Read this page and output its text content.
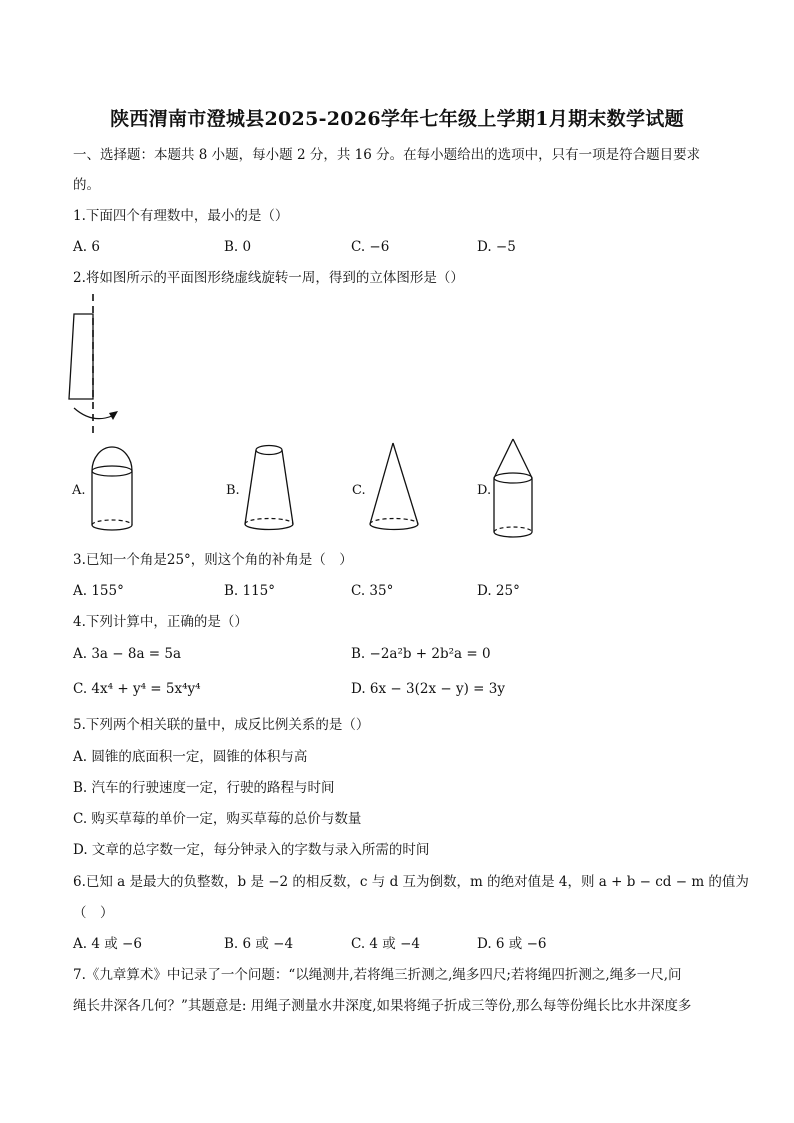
陕西渭南市澄城县2025-2026学年七年级上学期1月期末数学试题
一、选择题：本题共 8 小题，每小题 2 分，共 16 分。在每小题给出的选项中，只有一项是符合题目要求
的。
1.下面四个有理数中，最小的是（）
A. 6	B. 0	C. −6	D. −5
2.将如图所示的平面图形绕虚线旋转一周，得到的立体图形是（）
A.	B.	C.	D.
3.已知一个角是25°，则这个角的补角是（　）
A. 155°	B. 115°	C. 35°	D. 25°
4.下列计算中，正确的是（）
A. 3a − 8a = 5a	B. −2a²b + 2b²a = 0
C. 4x⁴ + y⁴ = 5x⁴y⁴	D. 6x − 3(2x − y) = 3y
5.下列两个相关联的量中，成反比例关系的是（）
A. 圆锥的底面积一定，圆锥的体积与高
B. 汽车的行驶速度一定，行驶的路程与时间
C. 购买草莓的单价一定，购买草莓的总价与数量
D. 文章的总字数一定，每分钟录入的字数与录入所需的时间
6.已知 a 是最大的负整数，b 是 −2 的相反数，c 与 d 互为倒数，m 的绝对值是 4，则 a + b − cd − m 的值为
（　）
A. 4 或 −6	B. 6 或 −4	C. 4 或 −4	D. 6 或 −6
7.《九章算术》中记录了一个问题：“以绳测井,若将绳三折测之,绳多四尺;若将绳四折测之,绳多一尺,问
绳长井深各几何？”其题意是: 用绳子测量水井深度,如果将绳子折成三等份,那么每等份绳长比水井深度多
